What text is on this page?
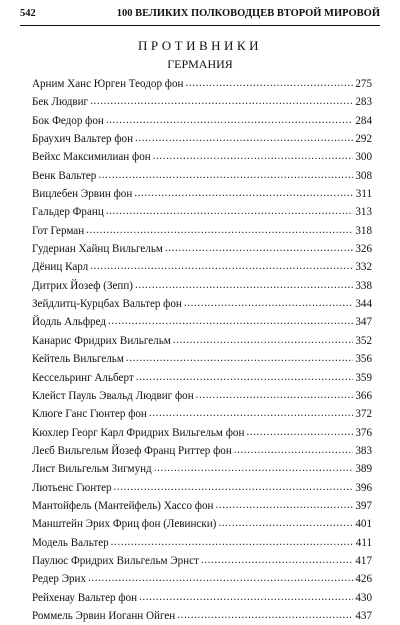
542	100 ВЕЛИКИХ ПОЛКОВОДЦЕВ ВТОРОЙ МИРОВОЙ
ПРОТИВНИКИ
ГЕРМАНИЯ
Арним Ханс Юрген Теодор фон .....	275
Бек Людвиг .....	283
Бок Федор фон .....	284
Браухич Вальтер фон .....	292
Вейхс Максимилиан фон .....	300
Венк Вальтер .....	308
Вицлебен Эрвин фон .....	311
Гальдер Франц .....	313
Гот Герман .....	318
Гудериан Хайнц Вильгельм .....	326
Дёниц Карл .....	332
Дитрих Йозеф (Зепп) .....	338
Зейдлитц-Курцбах Вальтер фон .....	344
Йодль Альфред .....	347
Канарис Фридрих Вильгельм .....	352
Кейтель Вильгельм .....	356
Кессельринг Альберт .....	359
Клейст Пауль Эвальд Людвиг фон .....	366
Клюге Ганс Гюнтер фон .....	372
Кюхлер Георг Карл Фридрих Вильгельм фон .....	376
Леєб Вильгельм Йозеф Франц Риттер фон .....	383
Лист Вильгельм Зигмунд .....	389
Лютьенс Гюнтер .....	396
Мантойфель (Мантейфель) Хассо фон .....	397
Манштейн Эрих Фриц фон (Левински) .....	401
Модель Вальтер .....	411
Паулюс Фридрих Вильгельм Эрнст .....	417
Редер Эрих .....	426
Рейхенау Вальтер фон .....	430
Роммель Эрвин Иоганн Ойген .....	437
